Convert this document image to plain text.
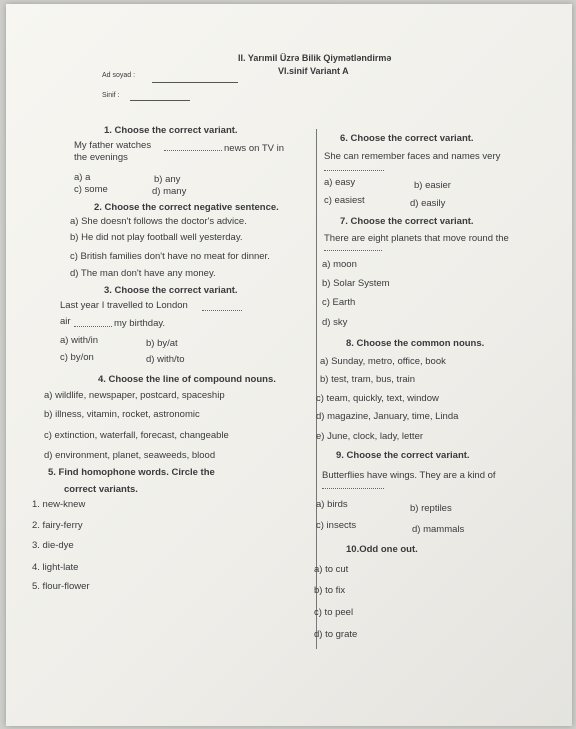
II. Yarımil Üzrə Bilik Qiymətləndirmə
VI.sinif Variant A
Ad soyad :
Sinif :
1. Choose the correct variant.
My father watches	news on TV in
the evenings
a) a	b) any
c) some	d) many
2. Choose the correct negative sentence.
a) She doesn't follows the doctor's advice.
b) He did not play football well yesterday.
c) British families don't have no meat for dinner.
d) The man don't have any money.
3. Choose the correct variant.
Last year I travelled to London
air	my birthday.
a) with/in	b) by/at
c) by/on	d) with/to
4. Choose the line of compound nouns.
a) wildlife, newspaper, postcard, spaceship
b) illness, vitamin, rocket, astronomic
c) extinction, waterfall, forecast, changeable
d) environment, planet, seaweeds, blood
5. Find homophone words. Circle the
correct variants.
1. new-knew
2. fairy-ferry
3. die-dye
4. light-late
5. flour-flower
6. Choose the correct variant.
She can remember faces and names very
a) easy	b) easier
c) easiest	d) easily
7. Choose the correct variant.
There are eight planets that move round the
a) moon
b) Solar System
c) Earth
d) sky
8. Choose the common nouns.
a) Sunday, metro, office, book
b) test, tram, bus, train
c) team, quickly, text, window
d) magazine, January, time, Linda
e) June, clock, lady, letter
9. Choose the correct variant.
Butterflies have wings. They are a kind of
a) birds	b) reptiles
c) insects	d) mammals
10.Odd one out.
a) to cut
b) to fix
c) to peel
d) to grate
